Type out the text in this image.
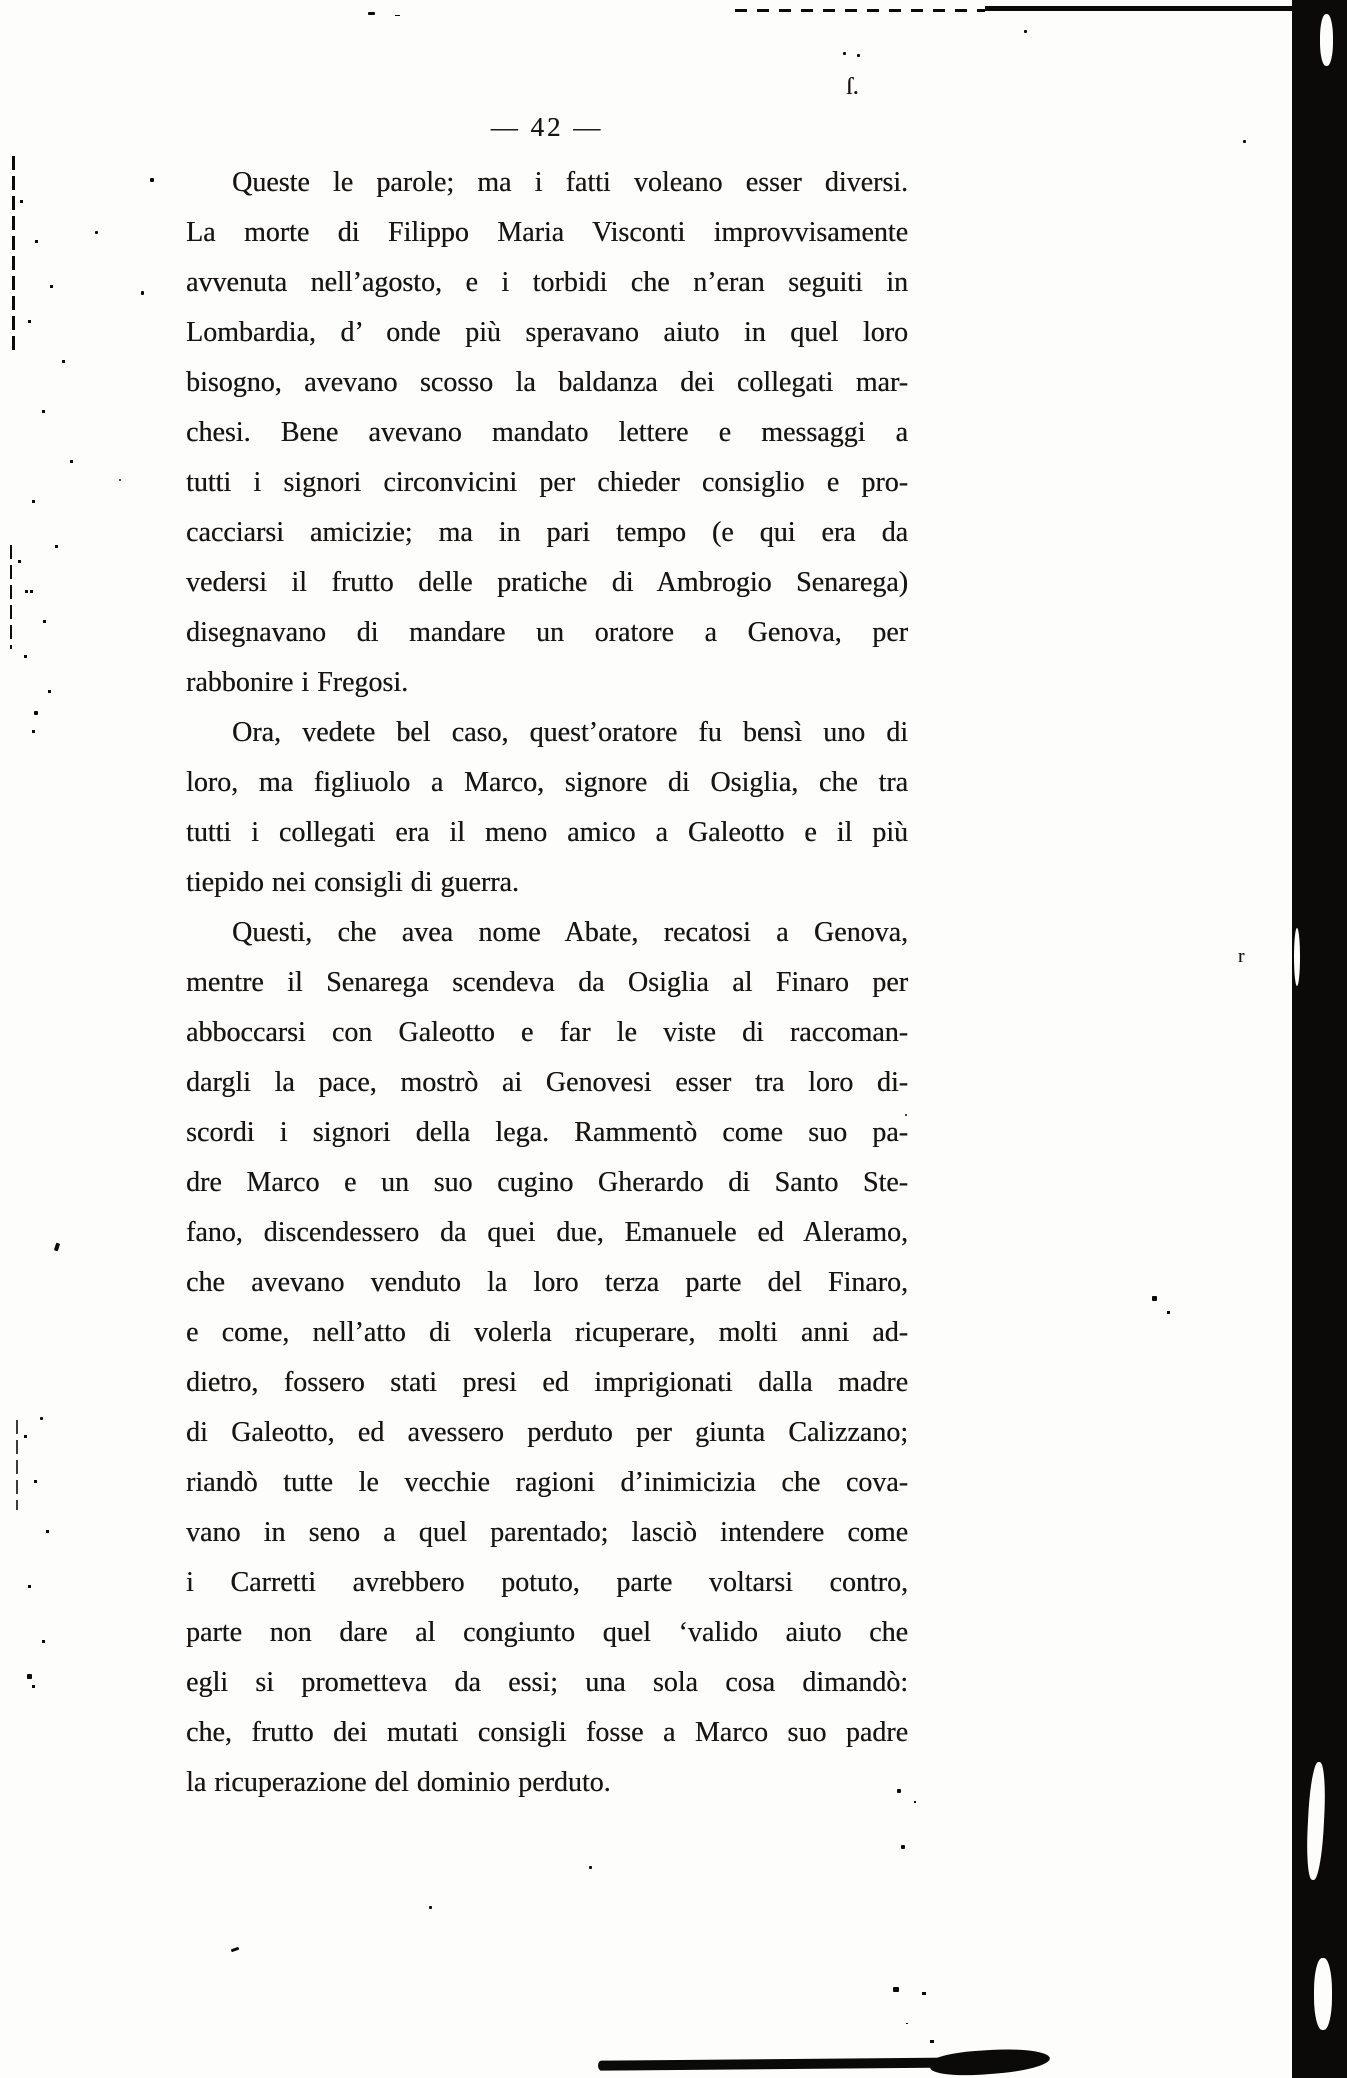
— 42 —
Queste le parole; ma i fatti voleano esser diversi.
La morte di Filippo Maria Visconti improvvisamente
avvenuta nell’agosto, e i torbidi che n’eran seguiti in
Lombardia, d’ onde più speravano aiuto in quel loro
bisogno, avevano scosso la baldanza dei collegati mar-
chesi. Bene avevano mandato lettere e messaggi a
tutti i signori circonvicini per chieder consiglio e pro-
cacciarsi amicizie; ma in pari tempo (e qui era da
vedersi il frutto delle pratiche di Ambrogio Senarega)
disegnavano di mandare un oratore a Genova, per
rabbonire i Fregosi.
Ora, vedete bel caso, quest’oratore fu bensì uno di
loro, ma figliuolo a Marco, signore di Osiglia, che tra
tutti i collegati era il meno amico a Galeotto e il più
tiepido nei consigli di guerra.
Questi, che avea nome Abate, recatosi a Genova,
mentre il Senarega scendeva da Osiglia al Finaro per
abboccarsi con Galeotto e far le viste di raccoman-
dargli la pace, mostrò ai Genovesi esser tra loro di-
scordi i signori della lega. Rammentò come suo pa-
dre Marco e un suo cugino Gherardo di Santo Ste-
fano, discendessero da quei due, Emanuele ed Aleramo,
che avevano venduto la loro terza parte del Finaro,
e come, nell’atto di volerla ricuperare, molti anni ad-
dietro, fossero stati presi ed imprigionati dalla madre
di Galeotto, ed avessero perduto per giunta Calizzano;
riandò tutte le vecchie ragioni d’inimicizia che cova-
vano in seno a quel parentado; lasciò intendere come
i Carretti avrebbero potuto, parte voltarsi contro,
parte non dare al congiunto quel ‘valido aiuto che
egli si prometteva da essi; una sola cosa dimandò:
che, frutto dei mutati consigli fosse a Marco suo padre
la ricuperazione del dominio perduto.
ſ.
r
